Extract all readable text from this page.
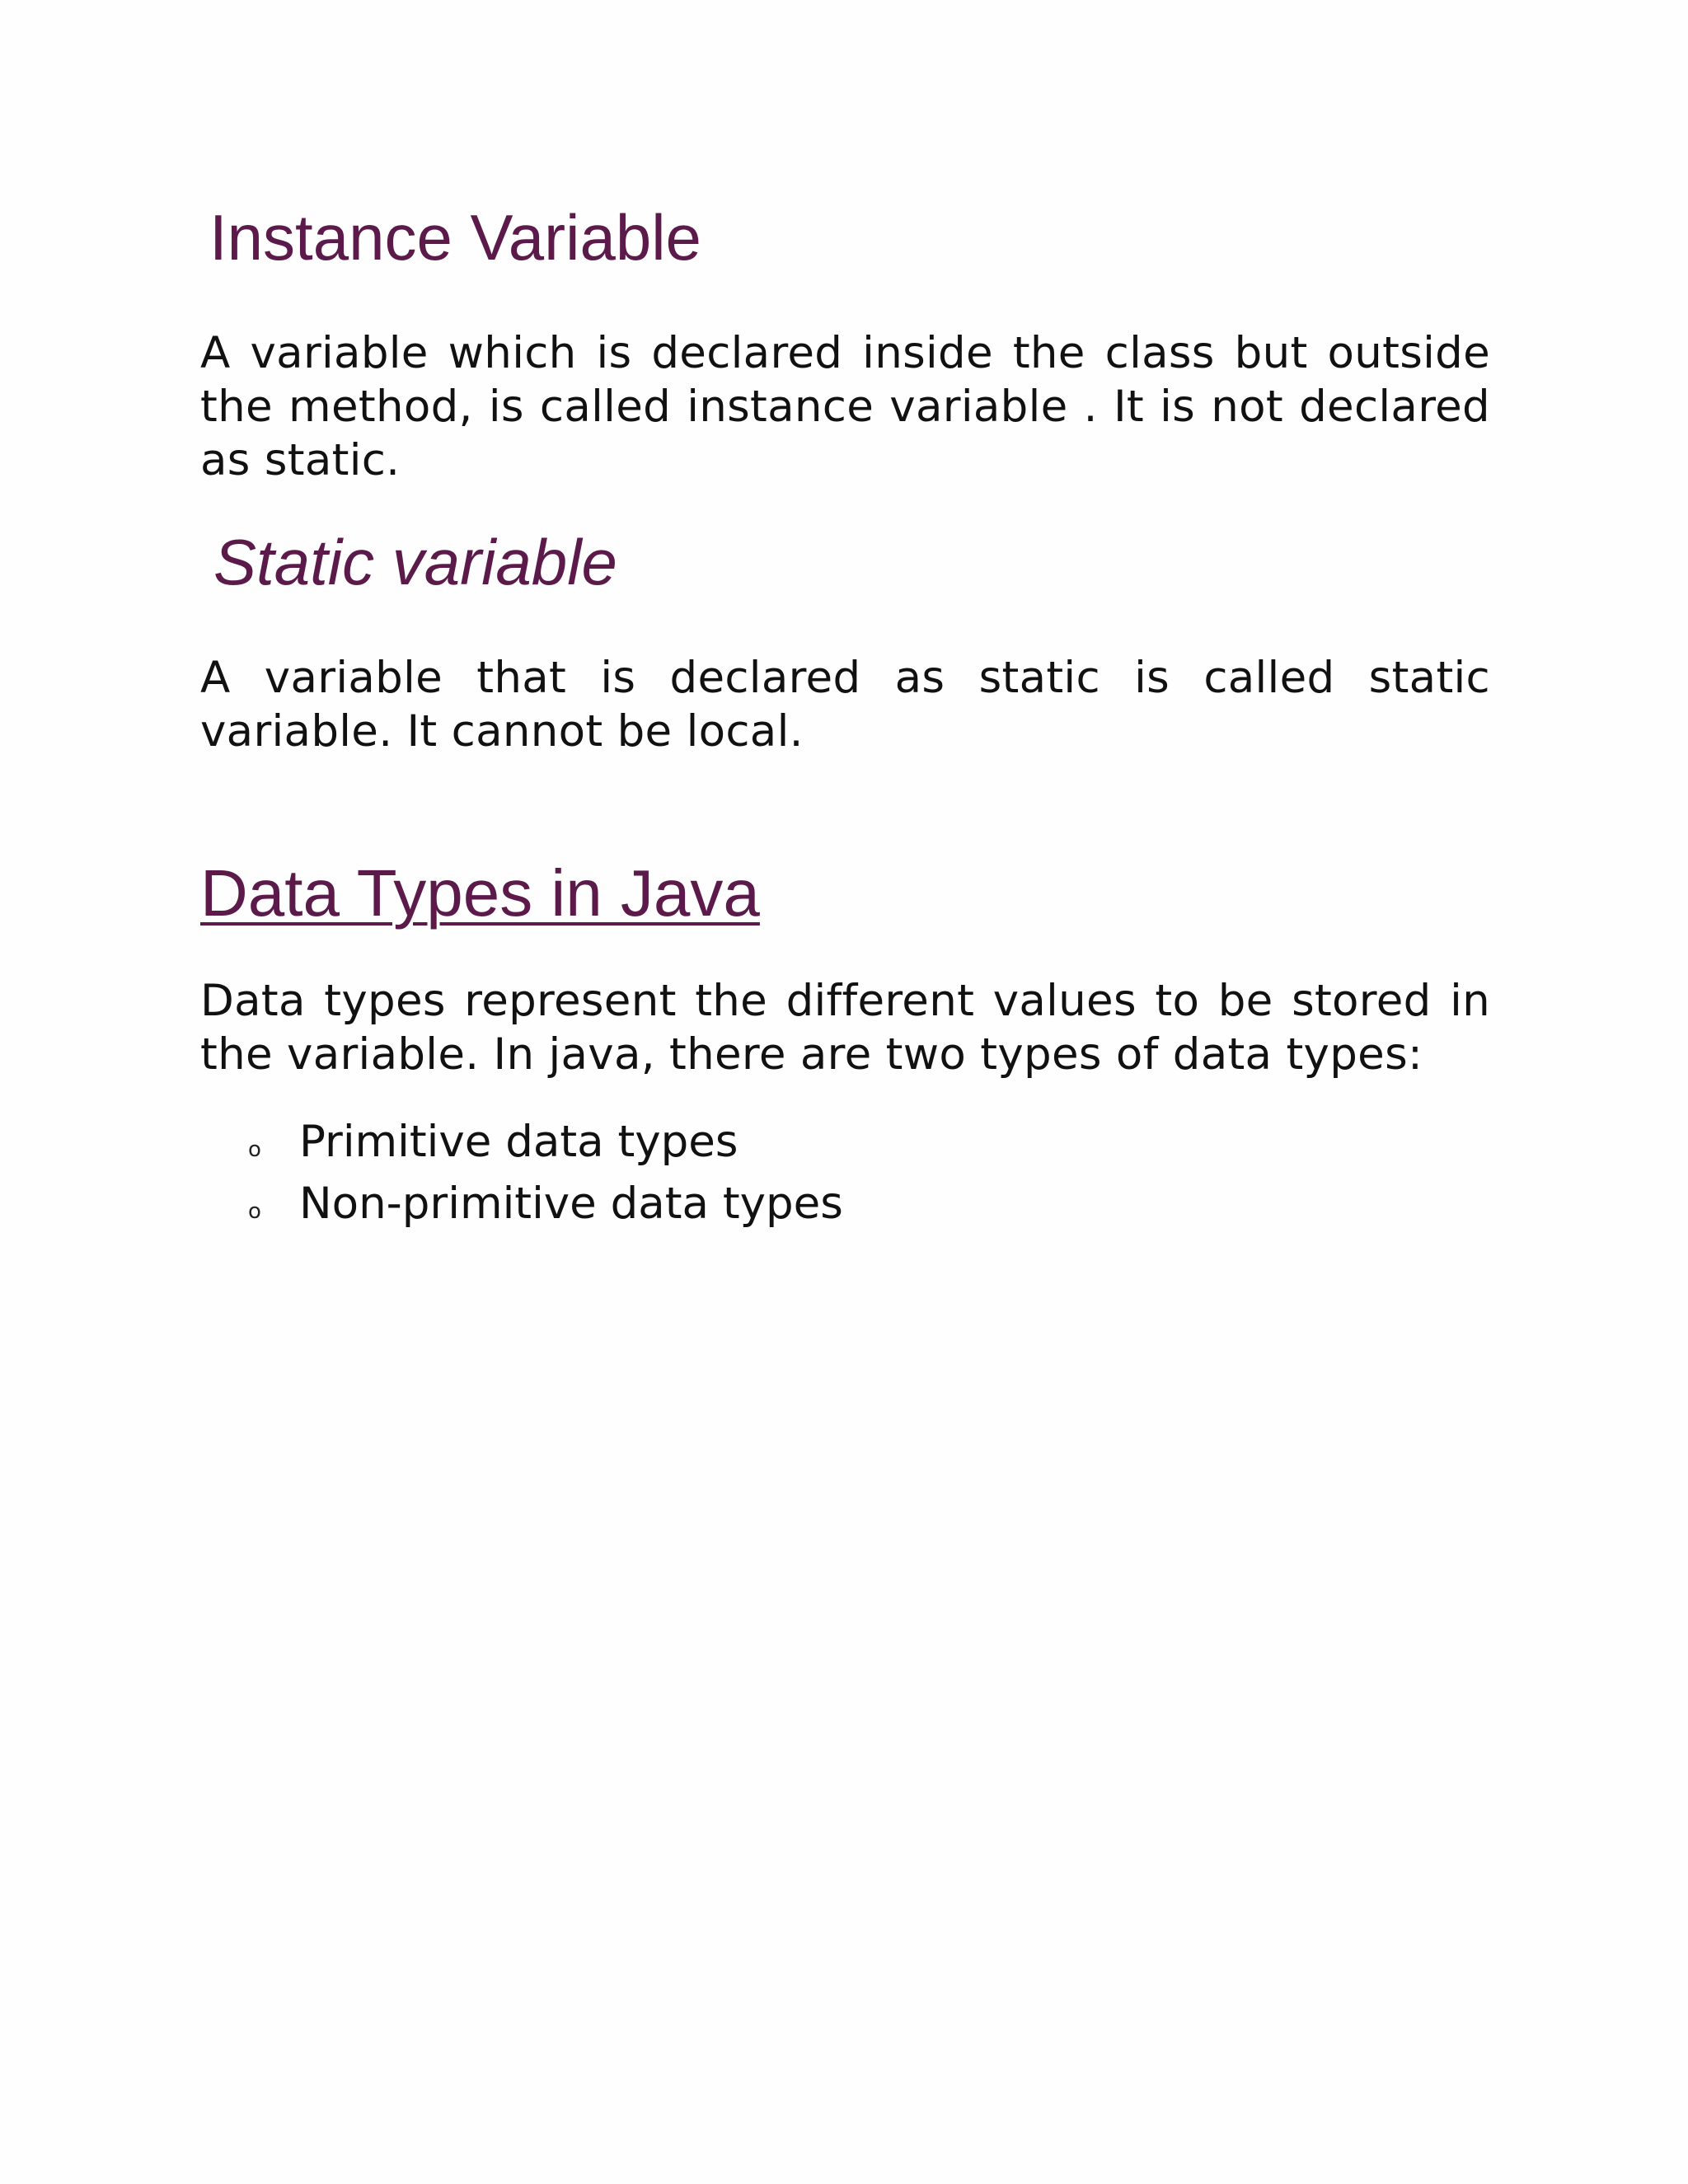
Instance Variable

A variable which is declared inside the class but outside the method, is called instance variable . It is not declared as static.

Static variable

A variable that is declared as static is called static variable. It cannot be local.

Data Types in Java

Data types represent the different values to be stored in the variable. In java, there are two types of data types:

o Primitive data types
o Non-primitive data types
